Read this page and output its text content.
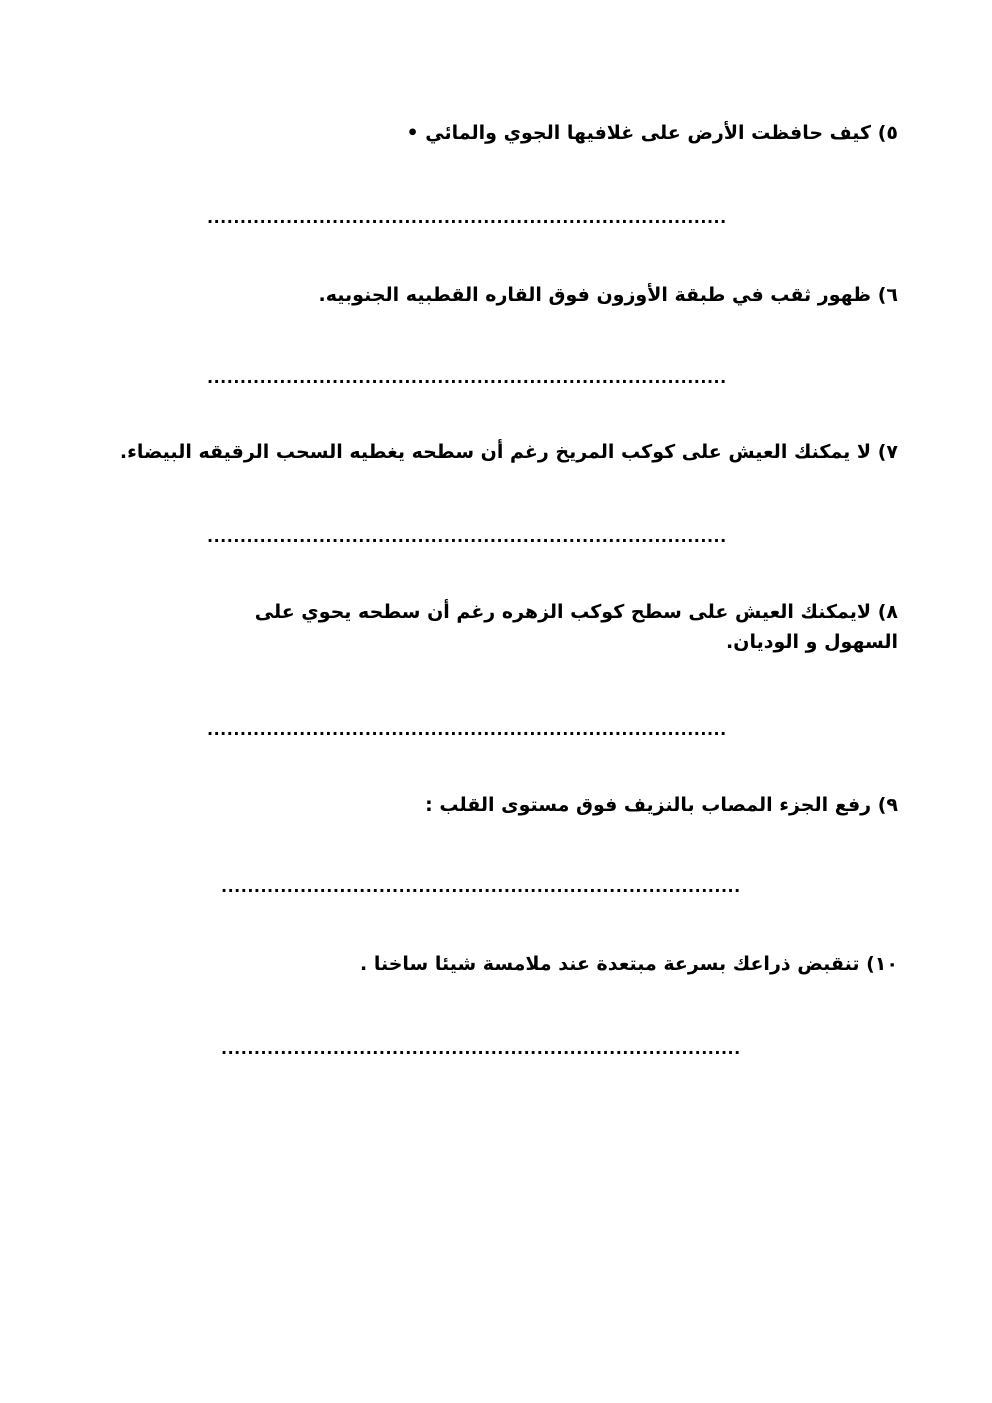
٥) كيف حافظت الأرض على غلافيها الجوي والمائي •
...............................................................................
٦) ظهور ثقب في طبقة الأوزون فوق القاره القطبيه الجنوبيه.
...............................................................................
٧) لا يمكنك العيش على كوكب المريخ رغم أن سطحه يغطيه السحب الرقيقه البيضاء.
...............................................................................
٨) لايمكنك العيش على سطح كوكب الزهره رغم أن سطحه يحوي على السهول و الوديان.
...............................................................................
٩) رفع الجزء المصاب بالنزيف فوق مستوى القلب :
...............................................................................
١٠) تنقبض ذراعك بسرعة مبتعدة عند ملامسة شيئا ساخنا .
...............................................................................
